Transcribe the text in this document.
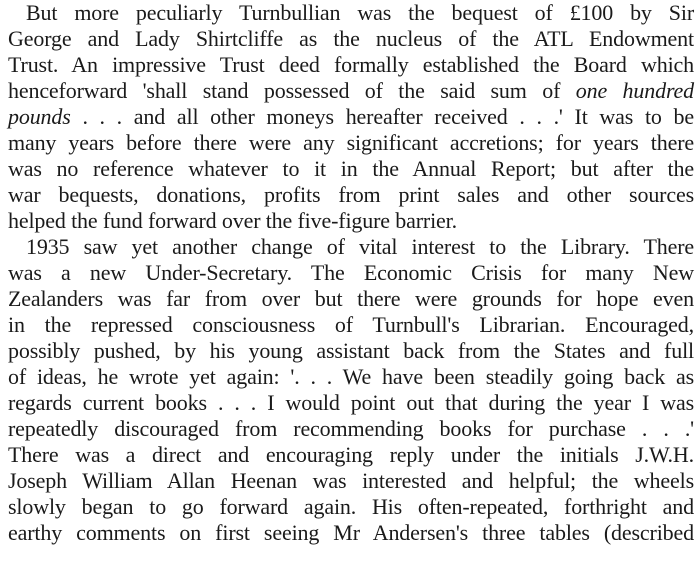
But more peculiarly Turnbullian was the bequest of £100 by Sir
George and Lady Shirtcliffe as the nucleus of the ATL Endowment
Trust. An impressive Trust deed formally established the Board which
henceforward 'shall stand possessed of the said sum of one hundred
pounds . . . and all other moneys hereafter received . . .' It was to be
many years before there were any significant accretions; for years there
was no reference whatever to it in the Annual Report; but after the
war bequests, donations, profits from print sales and other sources
helped the fund forward over the five-figure barrier.
1935 saw yet another change of vital interest to the Library. There
was a new Under-Secretary. The Economic Crisis for many New
Zealanders was far from over but there were grounds for hope even
in the repressed consciousness of Turnbull's Librarian. Encouraged,
possibly pushed, by his young assistant back from the States and full
of ideas, he wrote yet again: '. . . We have been steadily going back as
regards current books . . . I would point out that during the year I was
repeatedly discouraged from recommending books for purchase . . .'
There was a direct and encouraging reply under the initials J.W.H.
Joseph William Allan Heenan was interested and helpful; the wheels
slowly began to go forward again. His often-repeated, forthright and
earthy comments on first seeing Mr Andersen's three tables (described
